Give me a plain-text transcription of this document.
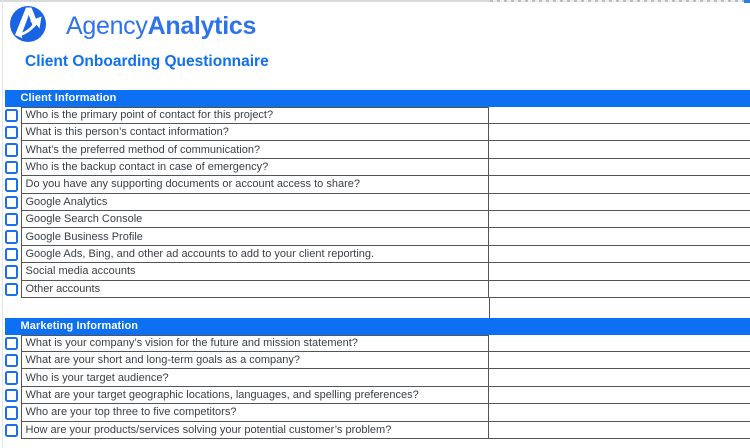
AgencyAnalytics
Client Onboarding Questionnaire
Client Information
Who is the primary point of contact for this project?
What is this person’s contact information?
What’s the preferred method of communication?
Who is the backup contact in case of emergency?
Do you have any supporting documents or account access to share?
Google Analytics
Google Search Console
Google Business Profile
Google Ads, Bing, and other ad accounts to add to your client reporting.
Social media accounts
Other accounts
Marketing Information
What is your company’s vision for the future and mission statement?
What are your short and long-term goals as a company?
Who is your target audience?
What are your target geographic locations, languages, and spelling preferences?
Who are your top three to five competitors?
How are your products/services solving your potential customer’s problem?
